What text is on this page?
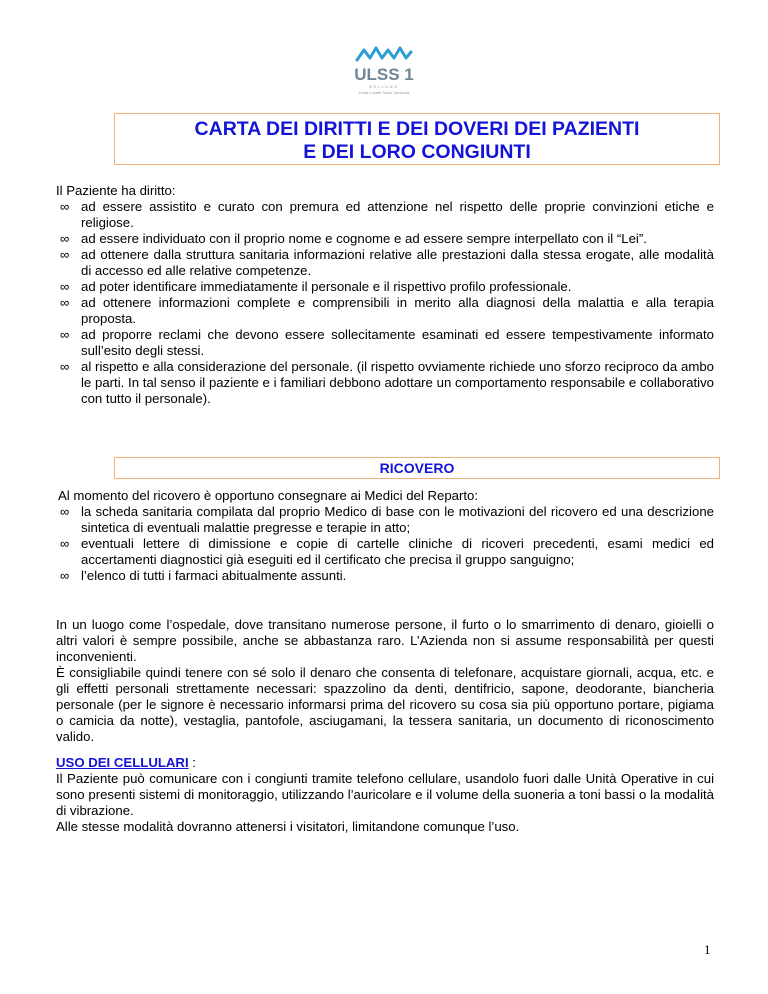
ULSS 1
BELLUNO
Unità Locale Socio Sanitaria
CARTA DEI DIRITTI E DEI DOVERI DEI PAZIENTI
E DEI LORO CONGIUNTI
Il Paziente ha diritto:
∞ ad essere assistito e curato con premura ed attenzione nel rispetto delle proprie convinzioni etiche e religiose.
∞ ad essere individuato con il proprio nome e cognome e ad essere sempre interpellato con il “Lei”.
∞ ad ottenere dalla struttura sanitaria informazioni relative alle prestazioni dalla stessa erogate, alle modalità di accesso ed alle relative competenze.
∞ ad poter identificare immediatamente il personale e il rispettivo profilo professionale.
∞ ad ottenere informazioni complete e comprensibili in merito alla diagnosi della malattia e alla terapia proposta.
∞ ad proporre reclami che devono essere sollecitamente esaminati ed essere tempestivamente informato sull’esito degli stessi.
∞ al rispetto e alla considerazione del personale. (il rispetto ovviamente richiede uno sforzo reciproco da ambo le parti. In tal senso il paziente e i familiari debbono adottare un comportamento responsabile e collaborativo con tutto il personale).
RICOVERO
Al momento del ricovero è opportuno consegnare ai Medici del Reparto:
∞ la scheda sanitaria compilata dal proprio Medico di base con le motivazioni del ricovero ed una descrizione sintetica di eventuali malattie pregresse e terapie in atto;
∞ eventuali lettere di dimissione e copie di cartelle cliniche di ricoveri precedenti, esami medici ed accertamenti diagnostici già eseguiti ed il certificato che precisa il gruppo sanguigno;
∞ l’elenco di tutti i farmaci abitualmente assunti.

In un luogo come l’ospedale, dove transitano numerose persone, il furto o lo smarrimento di denaro, gioielli o altri valori è sempre possibile, anche se abbastanza raro. L’Azienda non si assume responsabilità per questi inconvenienti.

È consigliabile quindi tenere con sé solo il denaro che consenta di telefonare, acquistare giornali, acqua, etc. e gli effetti personali strettamente necessari: spazzolino da denti, dentifricio, sapone, deodorante, biancheria personale (per le signore è necessario informarsi prima del ricovero su cosa sia più opportuno portare, pigiama o camicia da notte), vestaglia, pantofole, asciugamani, la tessera sanitaria, un documento di riconoscimento valido.

USO DEI CELLULARI :

Il Paziente può comunicare con i congiunti tramite telefono cellulare, usandolo fuori dalle Unità Operative in cui sono presenti sistemi di monitoraggio, utilizzando l’auricolare e il volume della suoneria a toni bassi o la modalità di vibrazione.

Alle stesse modalità dovranno attenersi i visitatori, limitandone comunque l’uso.

1
